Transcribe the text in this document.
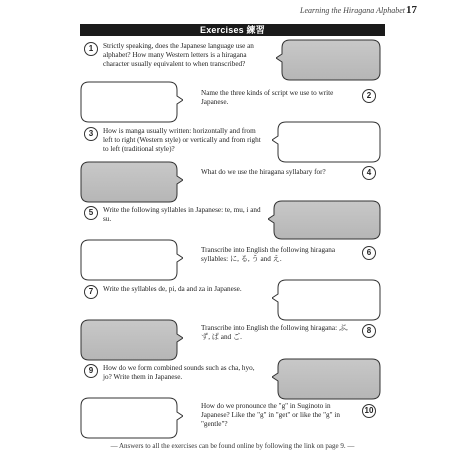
Learning the Hiragana Alphabet 17
Exercises 練習
1	Strictly speaking, does the Japanese language use an alphabet? How many Western letters is a hiragana character usually equivalent to when transcribed?
Name the three kinds of script we use to write Japanese.
2
3	How is manga usually written: horizontally and from left to right (Western style) or vertically and from right to left (traditional style)?
What do we use the hiragana syllabary for?	4
5	Write the following syllables in Japanese: te, mu, i and su.
Transcribe into English the following hiragana syllables: に, る, う and え.
6
7	Write the syllables de, pi, da and za in Japanese.
Transcribe into English the following hiragana: ぶ, ず, ぱ and ご.
8
9	How do we form combined sounds such as cha, hyo, jo? Write them in Japanese.
How do we pronounce the "g" in Suginoto in Japanese? Like the "g" in "get" or like the "g" in "gentle"?
10
— Answers to all the exercises can be found online by following the link on page 9. —
